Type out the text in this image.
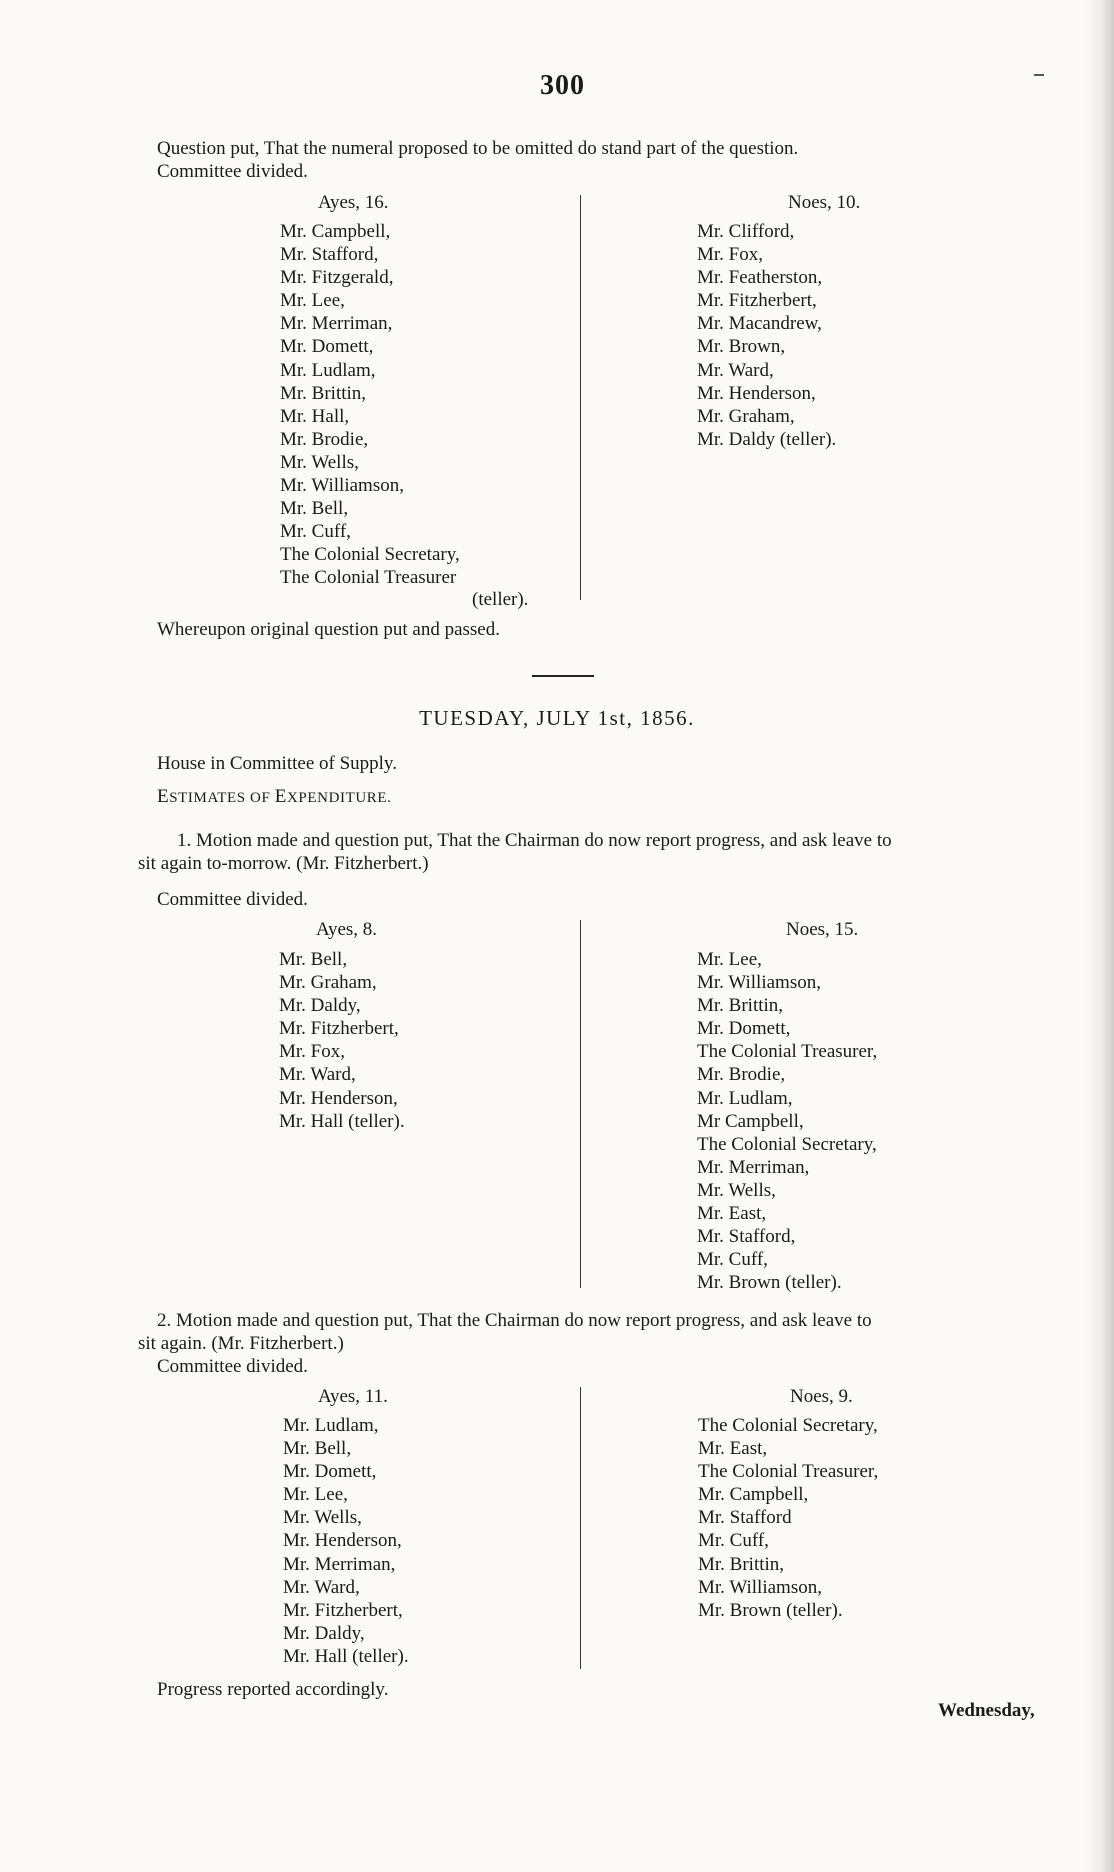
300
Question put, That the numeral proposed to be omitted do stand part of the question.
Committee divided.
Ayes, 16.
Mr. Campbell,
Mr. Stafford,
Mr. Fitzgerald,
Mr. Lee,
Mr. Merriman,
Mr. Domett,
Mr. Ludlam,
Mr. Brittin,
Mr. Hall,
Mr. Brodie,
Mr. Wells,
Mr. Williamson,
Mr. Bell,
Mr. Cuff,
The Colonial Secretary,
The Colonial Treasurer
(teller).
Noes, 10.
Mr. Clifford,
Mr. Fox,
Mr. Featherston,
Mr. Fitzherbert,
Mr. Macandrew,
Mr. Brown,
Mr. Ward,
Mr. Henderson,
Mr. Graham,
Mr. Daldy (teller).
Whereupon original question put and passed.
TUESDAY, JULY 1st, 1856.
House in Committee of Supply.
ESTIMATES OF EXPENDITURE.
1. Motion made and question put, That the Chairman do now report progress, and ask leave to
sit again to-morrow. (Mr. Fitzherbert.)
Committee divided.
Ayes, 8.
Mr. Bell,
Mr. Graham,
Mr. Daldy,
Mr. Fitzherbert,
Mr. Fox,
Mr. Ward,
Mr. Henderson,
Mr. Hall (teller).
Noes, 15.
Mr. Lee,
Mr. Williamson,
Mr. Brittin,
Mr. Domett,
The Colonial Treasurer,
Mr. Brodie,
Mr. Ludlam,
Mr Campbell,
The Colonial Secretary,
Mr. Merriman,
Mr. Wells,
Mr. East,
Mr. Stafford,
Mr. Cuff,
Mr. Brown (teller).
2. Motion made and question put, That the Chairman do now report progress, and ask leave to
sit again. (Mr. Fitzherbert.)
Committee divided.
Ayes, 11.
Mr. Ludlam,
Mr. Bell,
Mr. Domett,
Mr. Lee,
Mr. Wells,
Mr. Henderson,
Mr. Merriman,
Mr. Ward,
Mr. Fitzherbert,
Mr. Daldy,
Mr. Hall (teller).
Noes, 9.
The Colonial Secretary,
Mr. East,
The Colonial Treasurer,
Mr. Campbell,
Mr. Stafford
Mr. Cuff,
Mr. Brittin,
Mr. Williamson,
Mr. Brown (teller).
Progress reported accordingly.
Wednesday,
